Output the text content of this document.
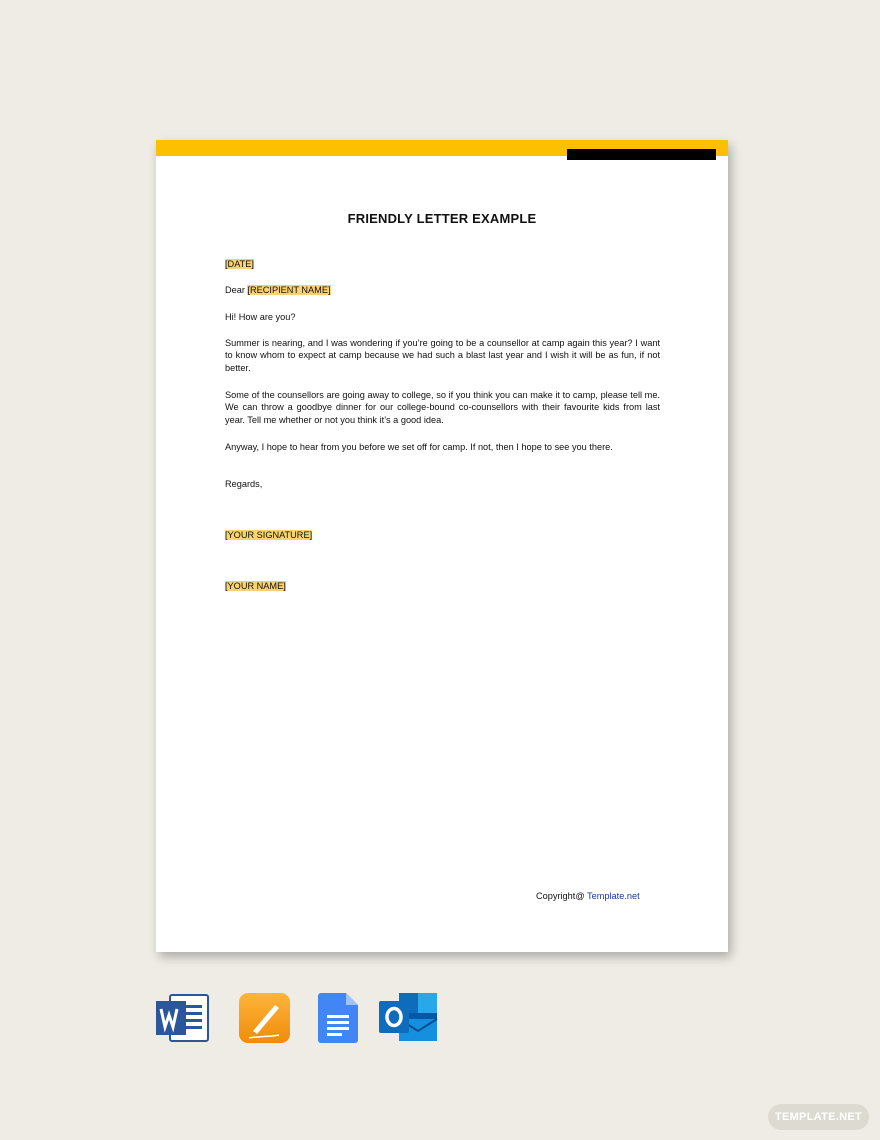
FRIENDLY LETTER EXAMPLE
[DATE]
Dear [RECIPIENT NAME]
Hi! How are you?
Summer is nearing, and I was wondering if you’re going to be a counsellor at camp again this year? I want to know whom to expect at camp because we had such a blast last year and I wish it will be as fun, if not better.
Some of the counsellors are going away to college, so if you think you can make it to camp, please tell me. We can throw a goodbye dinner for our college-bound co-counsellors with their favourite kids from last year. Tell me whether or not you think it’s a good idea.
Anyway, I hope to hear from you before we set off for camp. If not, then I hope to see you there.
Regards,
[YOUR SIGNATURE]
[YOUR NAME]
Copyright@ Template.net
TEMPLATE.NET
